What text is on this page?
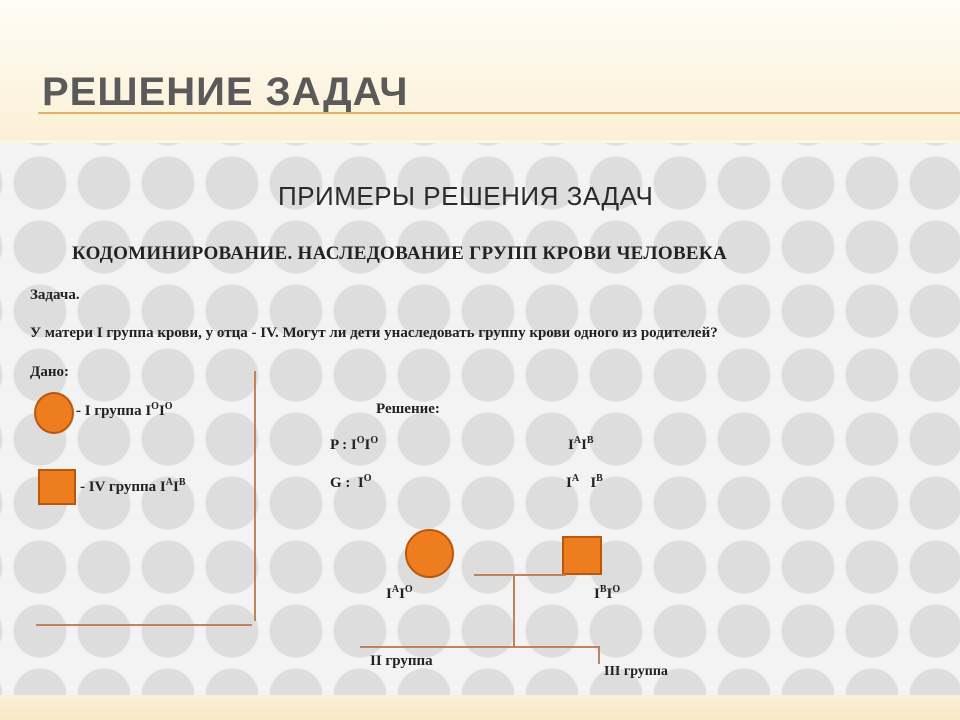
РЕШЕНИЕ ЗАДАЧ

ПРИМЕРЫ РЕШЕНИЯ ЗАДАЧ

КОДОМИНИРОВАНИЕ. НАСЛЕДОВАНИЕ ГРУПП КРОВИ ЧЕЛОВЕКА

Задача.

У матери I группа крови, у отца - IV. Могут ли дети унаследовать группу крови одного из родителей?

Дано:

- I группа $I^OI^O$

- IV группа $I^AI^B$

Решение:

P : $I^OI^O$	$I^AI^B$

G : $I^O$	$I^A$ $I^B$

$I^AI^O$	$I^BI^O$

II группа

III группа
